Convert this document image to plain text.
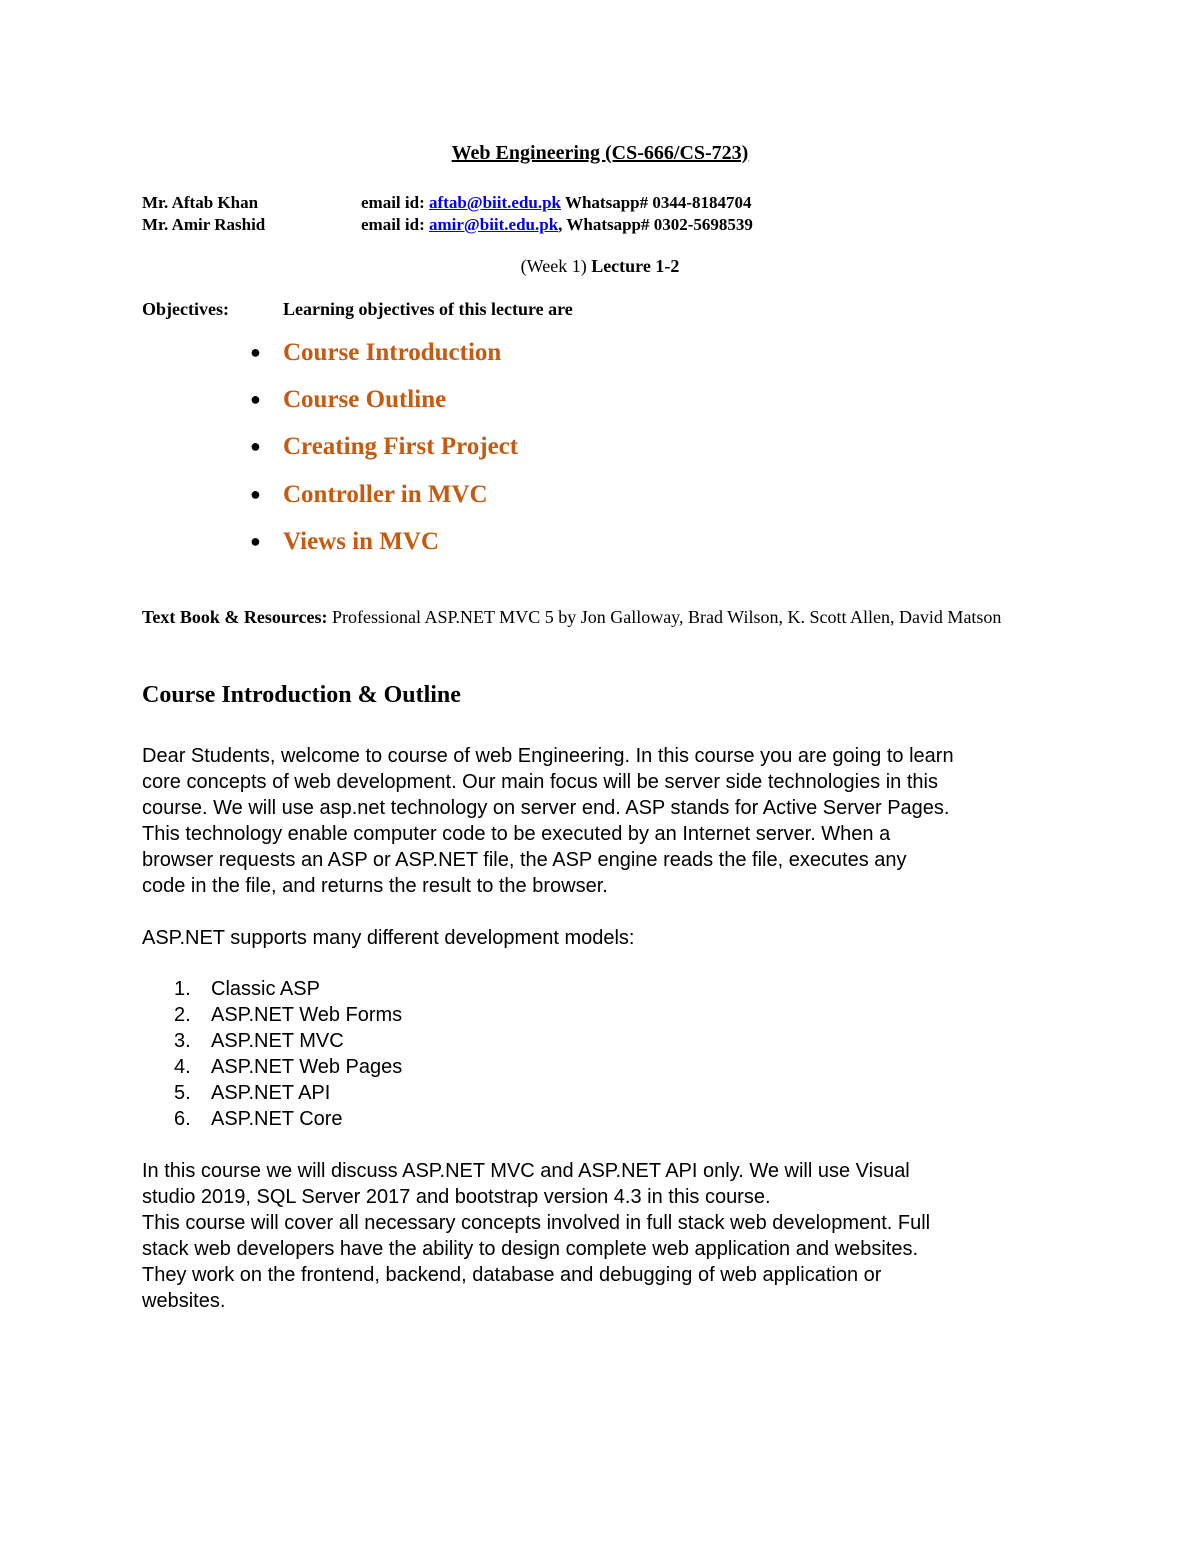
Web Engineering (CS-666/CS-723)
Mr. Aftab Khan	email id: aftab@biit.edu.pk Whatsapp# 0344-8184704
Mr. Amir Rashid	email id: amir@biit.edu.pk, Whatsapp# 0302-5698539
(Week 1) Lecture 1-2
Objectives:	Learning objectives of this lecture are
● Course Introduction
● Course Outline
● Creating First Project
● Controller in MVC
● Views in MVC
Text Book & Resources: Professional ASP.NET MVC 5 by Jon Galloway, Brad Wilson, K. Scott Allen, David Matson
Course Introduction & Outline
Dear Students, welcome to course of web Engineering. In this course you are going to learn
core concepts of web development. Our main focus will be server side technologies in this
course. We will use asp.net technology on server end. ASP stands for Active Server Pages.
This technology enable computer code to be executed by an Internet server. When a
browser requests an ASP or ASP.NET file, the ASP engine reads the file, executes any
code in the file, and returns the result to the browser.
ASP.NET supports many different development models:
1. Classic ASP
2. ASP.NET Web Forms
3. ASP.NET MVC
4. ASP.NET Web Pages
5. ASP.NET API
6. ASP.NET Core
In this course we will discuss ASP.NET MVC and ASP.NET API only. We will use Visual
studio 2019, SQL Server 2017 and bootstrap version 4.3 in this course.
This course will cover all necessary concepts involved in full stack web development. Full
stack web developers have the ability to design complete web application and websites.
They work on the frontend, backend, database and debugging of web application or
websites.
